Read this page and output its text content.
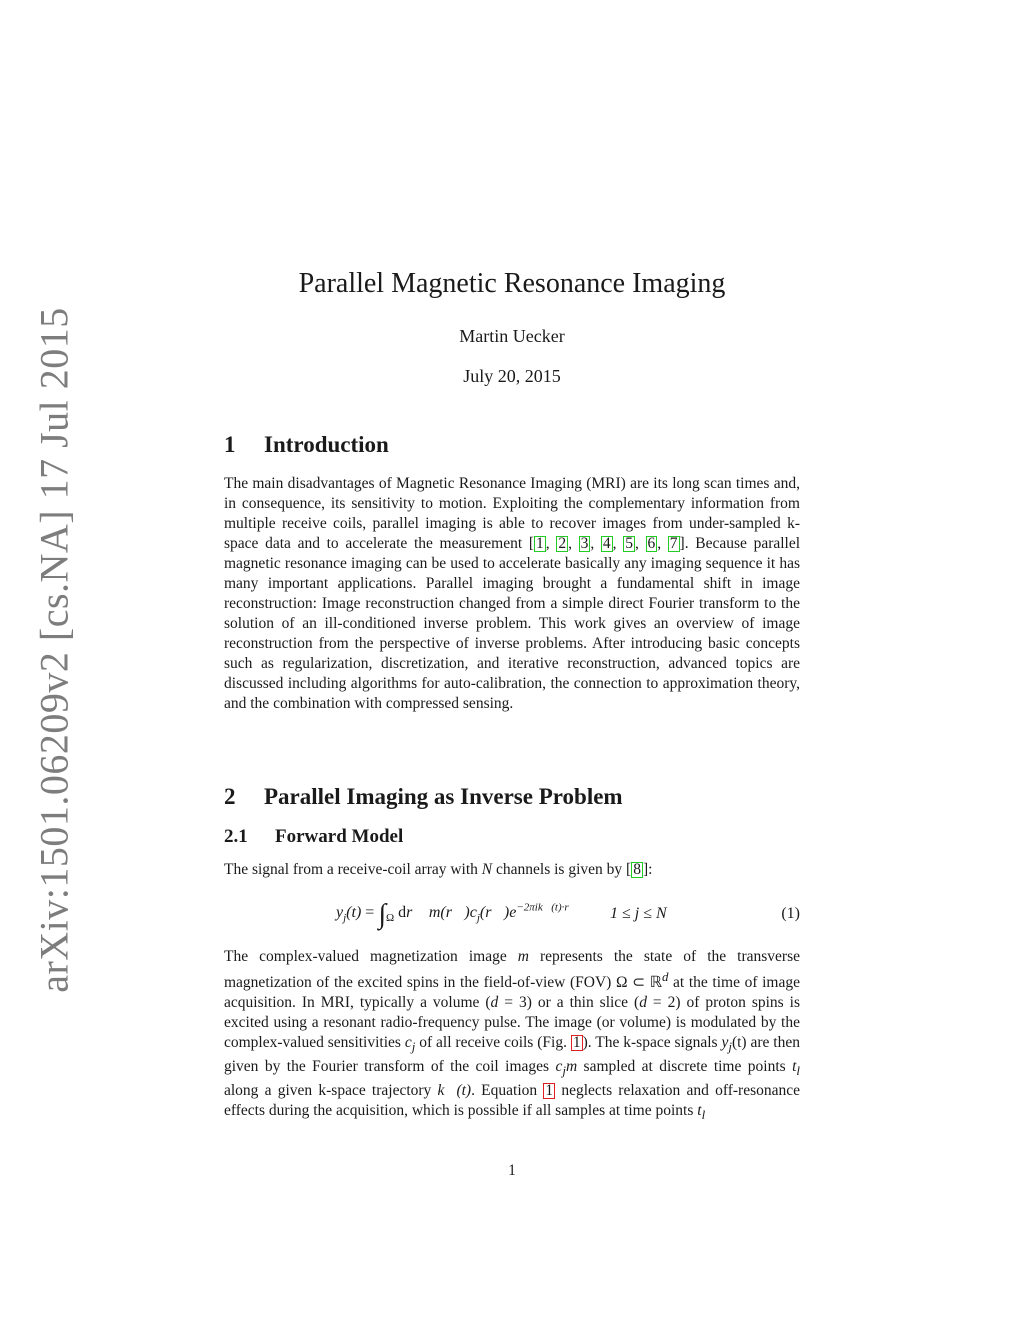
arXiv:1501.06209v2 [cs.NA] 17 Jul 2015
Parallel Magnetic Resonance Imaging
Martin Uecker
July 20, 2015
1 Introduction
The main disadvantages of Magnetic Resonance Imaging (MRI) are its long scan times and, in consequence, its sensitivity to motion. Exploiting the complementary information from multiple receive coils, parallel imaging is able to recover images from under-sampled k-space data and to accelerate the measurement [ 1 , 2 , 3 , 4 , 5 , 6 , 7 ]. Because parallel magnetic resonance imaging can be used to accelerate basically any imaging sequence it has many important applications. Parallel imaging brought a fundamental shift in image reconstruction: Image reconstruction changed from a simple direct Fourier transform to the solution of an ill-conditioned inverse problem. This work gives an overview of image reconstruction from the perspective of inverse problems. After introducing basic concepts such as regularization, discretization, and iterative reconstruction, advanced topics are discussed including algorithms for auto-calibration, the connection to approximation theory, and the combination with compressed sensing.
2 Parallel Imaging as Inverse Problem
2.1 Forward Model
The signal from a receive-coil array with N channels is given by [ 8 ]:
$y_j(t) = \int_\Omega$ dr⃗ $m(r⃗)c_j(r⃗)e^{-2\pi ik⃗(t)\cdot r⃗}$ 1 ≤ j ≤ N	(1)
The complex-valued magnetization image m represents the state of the transverse magnetization of the excited spins in the field-of-view (FOV) Ω ⊂ ℝ$^d$ at the time of image acquisition. In MRI, typically a volume (d = 3) or a thin slice (d = 2) of proton spins is excited using a resonant radio-frequency pulse. The image (or volume) is modulated by the complex-valued sensitivities $c_j$ of all receive coils (Fig. 1 ). The k-space signals $y_j(t)$ are then given by the Fourier transform of the coil images $c_jm$ sampled at discrete time points $t_l$ along a given k-space trajectory k⃗(t). Equation 1 neglects relaxation and off-resonance effects during the acquisition, which is possible if all samples at time points $t_l$
1
